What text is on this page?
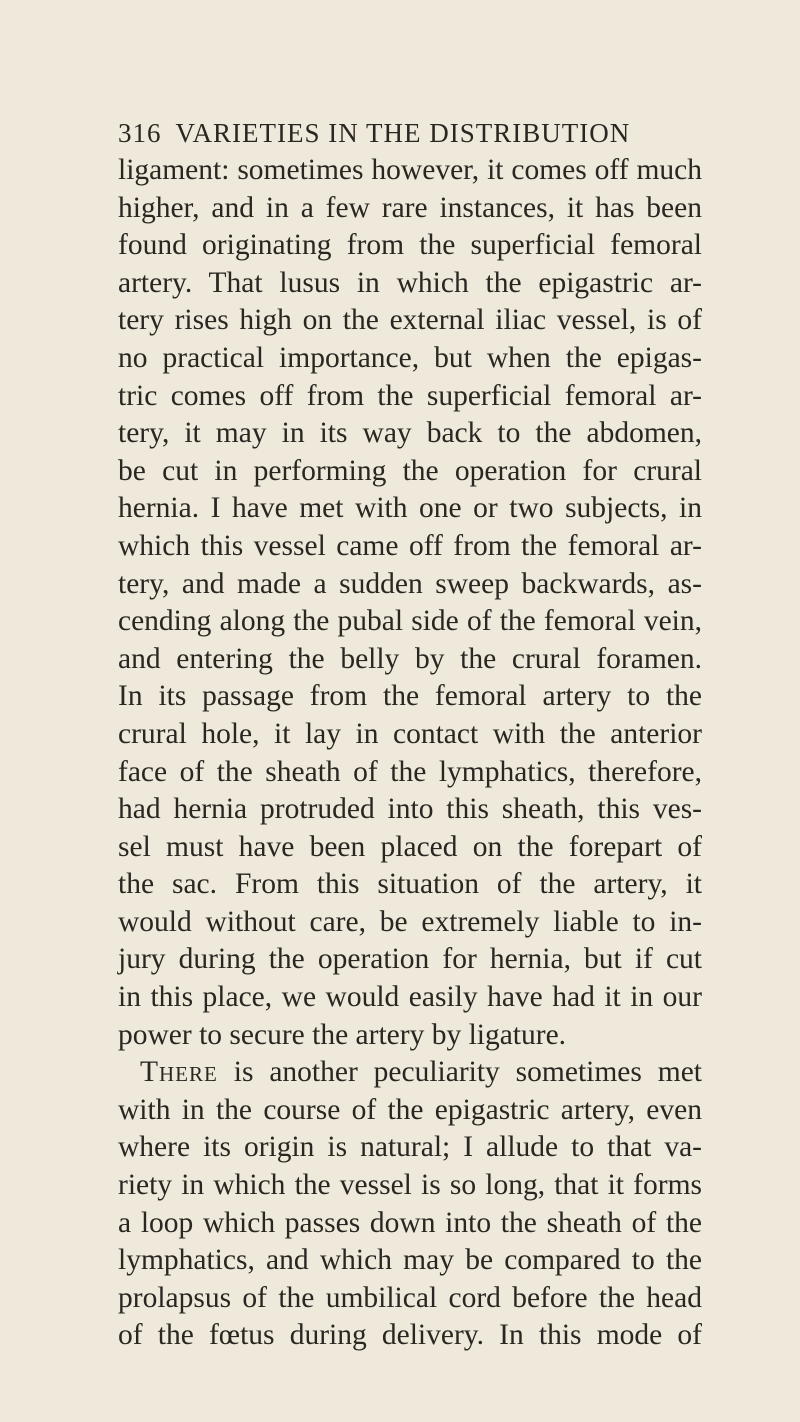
316 VARIETIES IN THE DISTRIBUTION
ligament: sometimes however, it comes off much
higher, and in a few rare instances, it has been
found originating from the superficial femoral
artery. That lusus in which the epigastric ar-
tery rises high on the external iliac vessel, is of
no practical importance, but when the epigas-
tric comes off from the superficial femoral ar-
tery, it may in its way back to the abdomen,
be cut in performing the operation for crural
hernia. I have met with one or two subjects, in
which this vessel came off from the femoral ar-
tery, and made a sudden sweep backwards, as-
cending along the pubal side of the femoral vein,
and entering the belly by the crural foramen.
In its passage from the femoral artery to the
crural hole, it lay in contact with the anterior
face of the sheath of the lymphatics, therefore,
had hernia protruded into this sheath, this ves-
sel must have been placed on the forepart of
the sac. From this situation of the artery, it
would without care, be extremely liable to in-
jury during the operation for hernia, but if cut
in this place, we would easily have had it in our
power to secure the artery by ligature.
There is another peculiarity sometimes met
with in the course of the epigastric artery, even
where its origin is natural; I allude to that va-
riety in which the vessel is so long, that it forms
a loop which passes down into the sheath of the
lymphatics, and which may be compared to the
prolapsus of the umbilical cord before the head
of the fœtus during delivery. In this mode of
